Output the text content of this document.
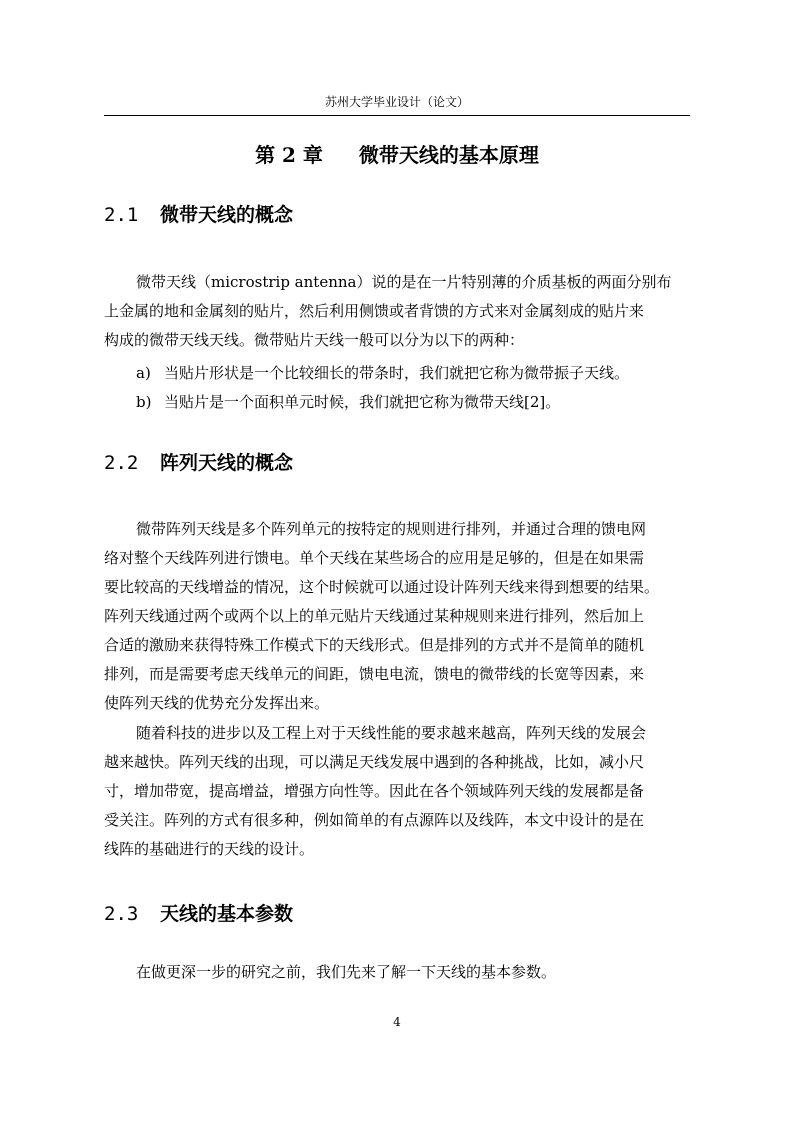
苏州大学毕业设计（论文）
第 2 章 微带天线的基本原理
2.1 微带天线的概念
微带天线（microstrip antenna）说的是在一片特别薄的介质基板的两面分别布
上金属的地和金属刻的贴片，然后利用侧馈或者背馈的方式来对金属刻成的贴片来
构成的微带天线天线。微带贴片天线一般可以分为以下的两种：
a) 当贴片形状是一个比较细长的带条时，我们就把它称为微带振子天线。
b) 当贴片是一个面积单元时候，我们就把它称为微带天线[2]。
2.2 阵列天线的概念
微带阵列天线是多个阵列单元的按特定的规则进行排列，并通过合理的馈电网
络对整个天线阵列进行馈电。单个天线在某些场合的应用是足够的，但是在如果需
要比较高的天线增益的情况，这个时候就可以通过设计阵列天线来得到想要的结果。
阵列天线通过两个或两个以上的单元贴片天线通过某种规则来进行排列，然后加上
合适的激励来获得特殊工作模式下的天线形式。但是排列的方式并不是简单的随机
排列，而是需要考虑天线单元的间距，馈电电流，馈电的微带线的长宽等因素，来
使阵列天线的优势充分发挥出来。
随着科技的进步以及工程上对于天线性能的要求越来越高，阵列天线的发展会
越来越快。阵列天线的出现，可以满足天线发展中遇到的各种挑战，比如，减小尺
寸，增加带宽，提高增益，增强方向性等。因此在各个领域阵列天线的发展都是备
受关注。阵列的方式有很多种，例如简单的有点源阵以及线阵，本文中设计的是在
线阵的基础进行的天线的设计。
2.3 天线的基本参数
在做更深一步的研究之前，我们先来了解一下天线的基本参数。
4
